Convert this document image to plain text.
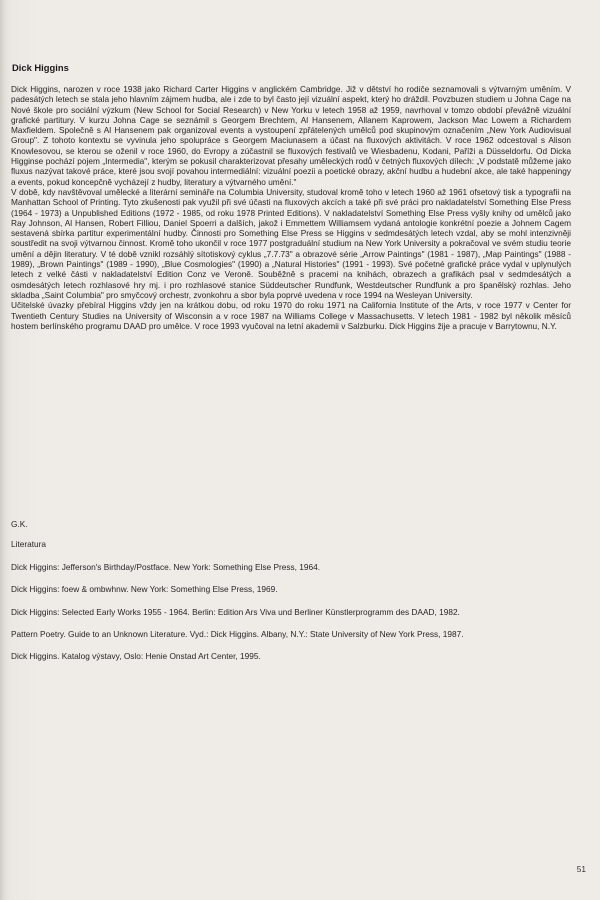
Dick Higgins

Dick Higgins, narozen v roce 1938 jako Richard Carter Higgins v anglickém Cambridge. Již v dětství ho rodiče seznamovali s výtvarným uměním. V padesátých letech se stala jeho hlavním zájmem hudba, ale i zde to byl často její vizuální aspekt, který ho dráždil. Povzbuzen studiem u Johna Cage na Nové škole pro sociální výzkum (New School for Social Research) v New Yorku v letech 1958 až 1959, navrhoval v tomzo období převážně vizuální grafické partitury. V kurzu Johna Cage se seznámil s Georgem Brechtem, Al Hansenem, Allanem Kaprowem, Jackson Mac Lowem a Richardem Maxfieldem. Společně s Al Hansenem pak organizoval events a vystoupení zpřátelených umělců pod skupinovým označením „New York Audiovisual Group". Z tohoto kontextu se vyvinula jeho spolupráce s Georgem Maciunasem a účast na fluxových aktivitách. V roce 1962 odcestoval s Alison Knowlesovou, se kterou se oženil v roce 1960, do Evropy a zúčastnil se fluxových festivalů ve Wiesbadenu, Kodani, Paříži a Düsseldorfu. Od Dicka Higginse pochází pojem „Intermedia", kterým se pokusil charakterizovat přesahy uměleckých rodů v četných fluxových dílech: „V podstatě můžeme jako fluxus nazývat takové práce, které jsou svojí povahou intermediální: vizuální poezii a poetické obrazy, akční hudbu a hudební akce, ale také happeningy a events, pokud koncepčně vycházejí z hudby, literatury a výtvarného umění."

V době, kdy navštěvoval umělecké a literární semináře na Columbia University, studoval kromě toho v letech 1960 až 1961 ofsetový tisk a typografii na Manhattan School of Printing. Tyto zkušenosti pak využil při své účasti na fluxových akcích a také při své práci pro nakladatelství Something Else Press (1964 - 1973) a Unpublished Editions (1972 - 1985, od roku 1978 Printed Editions). V nakladatelství Something Else Press vyšly knihy od umělců jako Ray Johnson, Al Hansen, Robert Filliou, Daniel Spoerri a dalších, jakož i Emmettem Williamsem vydaná antologie konkrétní poezie a Johnem Cagem sestavená sbírka partitur experimentální hudby. Činnosti pro Something Else Press se Higgins v sedmdesátých letech vzdal, aby se mohl intenzivněji soustředit na svoji výtvarnou činnost. Kromě toho ukončil v roce 1977 postgraduální studium na New York University a pokračoval ve svém studiu teorie umění a dějin literatury. V té době vznikl rozsáhlý sítotiskový cyklus „7.7.73" a obrazové série „Arrow Paintings" (1981 - 1987), „Map Paintings" (1988 - 1989), „Brown Paintings" (1989 - 1990), „Blue Cosmologies" (1990) a „Natural Histories" (1991 - 1993). Své početné grafické práce vydal v uplynulých letech z velké části v nakladatelství Edition Conz ve Veroně. Souběžně s pracemi na knihách, obrazech a grafikách psal v sedmdesátých a osmdesátých letech rozhlasové hry mj. i pro rozhlasové stanice Süddeutscher Rundfunk, Westdeutscher Rundfunk a pro španělský rozhlas. Jeho skladba „Saint Columbia" pro smyčcový orchestr, zvonkohru a sbor byla poprvé uvedena v roce 1994 na Wesleyan University.

Učitelské úvazky přebíral Higgins vždy jen na krátkou dobu, od roku 1970 do roku 1971 na California Institute of the Arts, v roce 1977 v Center for Twentieth Century Studies na University of Wisconsin a v roce 1987 na Williams College v Massachusetts. V letech 1981 - 1982 byl několik měsíců hostem berlínského programu DAAD pro umělce. V roce 1993 vyučoval na letní akademii v Salzburku. Dick Higgins žije a pracuje v Barrytownu, N.Y.

G.K.
Literatura
Dick Higgins: Jefferson's Birthday/Postface. New York: Something Else Press, 1964.
Dick Higgins: foew & ombwhnw. New York: Something Else Press, 1969.
Dick Higgins: Selected Early Works 1955 - 1964. Berlin: Edition Ars Viva und Berliner Künstlerprogramm des DAAD, 1982.
Pattern Poetry. Guide to an Unknown Literature. Vyd.: Dick Higgins. Albany, N.Y.: State University of New York Press, 1987.
Dick Higgins. Katalog výstavy, Oslo: Henie Onstad Art Center, 1995.
51
